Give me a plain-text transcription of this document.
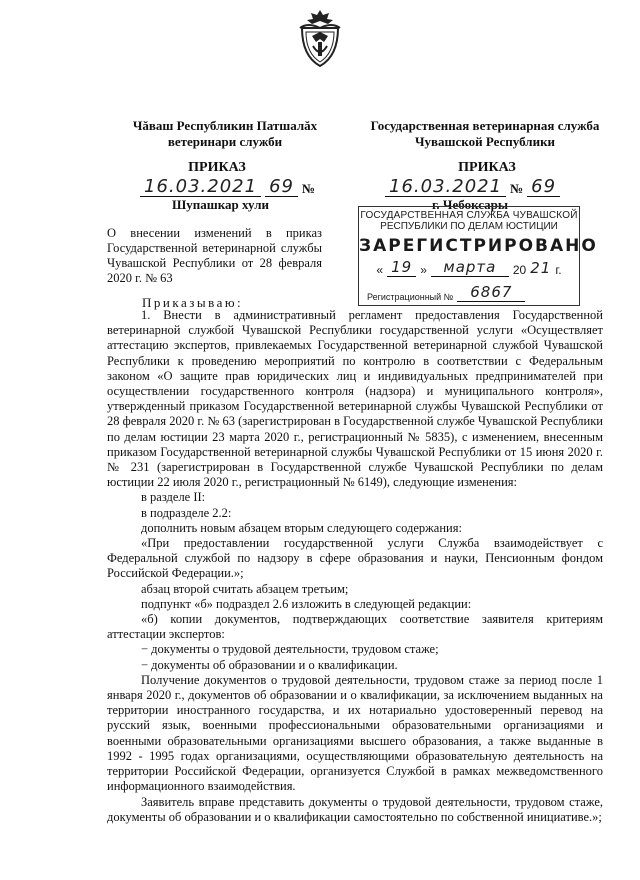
Чăваш Республикин Патшалăх
ветеринари служби
Государственная ветеринарная служба
Чувашской Республики
ПРИКАЗ	ПРИКАЗ
16.03.2021 69 №	16.03.2021 № 69
Шупашкар хули	г. Чебоксары
ГОСУДАРСТВЕННАЯ СЛУЖБА ЧУВАШСКОЙ
РЕСПУБЛИКИ ПО ДЕЛАМ ЮСТИЦИИ
ЗАРЕГИСТРИРОВАНО
« 19 »	марта	20 21 г.
Регистрационный №	6867
О внесении изменений в приказ Государственной ветеринарной службы Чувашской Республики от 28 февраля 2020 г. № 63
Приказываю:

1. Внести в административный регламент предоставления Государственной ветеринарной службой Чувашской Республики государственной услуги «Осуществляет аттестацию экспертов, привлекаемых Государственной ветеринарной службой Чувашской Республики к проведению мероприятий по контролю в соответствии с Федеральным законом «О защите прав юридических лиц и индивидуальных предпринимателей при осуществлении государственного контроля (надзора) и муниципального контроля», утвержденный приказом Государственной ветеринарной службы Чувашской Республики от 28 февраля 2020 г. № 63 (зарегистрирован в Государственной службе Чувашской Республики по делам юстиции 23 марта 2020 г., регистрационный № 5835), с изменением, внесенным приказом Государственной ветеринарной службы Чувашской Республики от 15 июня 2020 г. № 231 (зарегистрирован в Государственной службе Чувашской Республики по делам юстиции 22 июля 2020 г., регистрационный № 6149), следующие изменения:

в разделе II:

в подразделе 2.2:

дополнить новым абзацем вторым следующего содержания:

«При предоставлении государственной услуги Служба взаимодействует с Федеральной службой по надзору в сфере образования и науки, Пенсионным фондом Российской Федерации.»;

абзац второй считать абзацем третьим;

подпункт «б» подраздел 2.6 изложить в следующей редакции:

«б) копии документов, подтверждающих соответствие заявителя критериям аттестации экспертов:

− документы о трудовой деятельности, трудовом стаже;

− документы об образовании и о квалификации.

Получение документов о трудовой деятельности, трудовом стаже за период после 1 января 2020 г., документов об образовании и о квалификации, за исключением выданных на территории иностранного государства, и их нотариально удостоверенный перевод на русский язык, военными профессиональными образовательными организациями и военными образовательными организациями высшего образования, а также выданные в 1992 - 1995 годах организациями, осуществляющими образовательную деятельность на территории Российской Федерации, организуется Службой в рамках межведомственного информационного взаимодействия.

Заявитель вправе представить документы о трудовой деятельности, трудовом стаже, документы об образовании и о квалификации самостоятельно по собственной инициативе.»;
